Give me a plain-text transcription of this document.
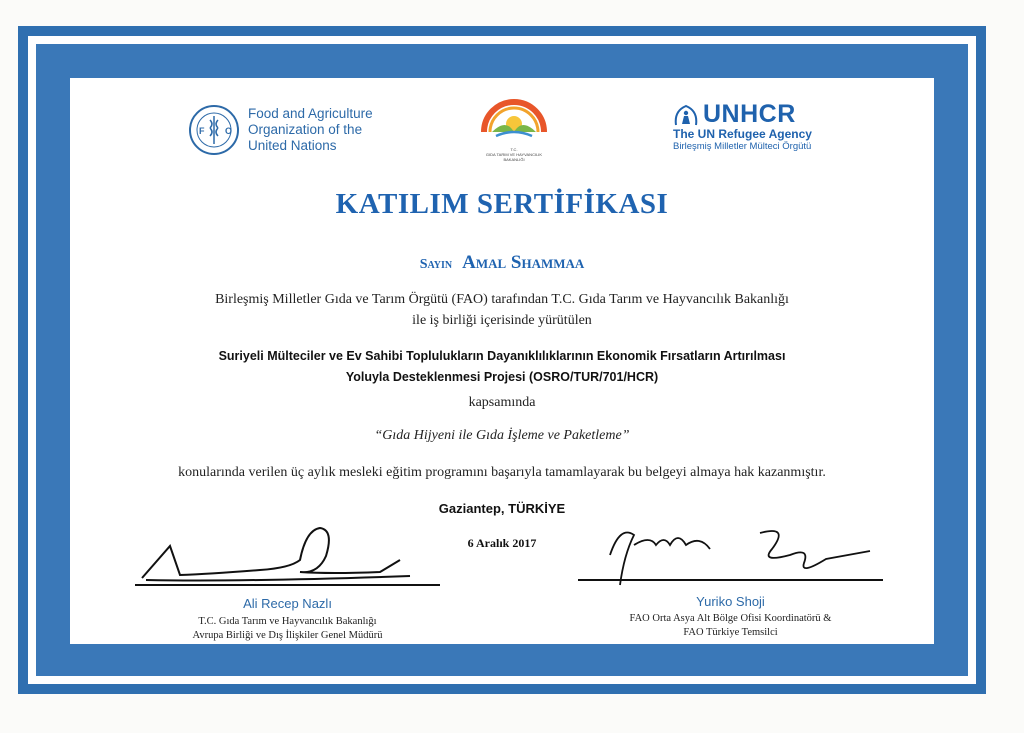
F O
Food and Agriculture
Organization of the
United Nations	T.C.
GIDA TARIM VE HAYVANCILIK
BAKANLIĞI
UNHCR
The UN Refugee Agency
Birleşmiş Milletler Mülteci Örgütü
KATILIM SERTİFİKASI
Sayın Amal Shammaa
Birleşmiş Milletler Gıda ve Tarım Örgütü (FAO) tarafından T.C. Gıda Tarım ve Hayvancılık Bakanlığı
ile iş birliği içerisinde yürütülen
Suriyeli Mülteciler ve Ev Sahibi Toplulukların Dayanıklılıklarının Ekonomik Fırsatların Artırılması
Yoluyla Desteklenmesi Projesi (OSRO/TUR/701/HCR)
kapsamında
“Gıda Hijyeni ile Gıda İşleme ve Paketleme”
konularında verilen üç aylık mesleki eğitim programını başarıyla tamamlayarak bu belgeyi almaya hak kazanmıştır.
Gaziantep, TÜRKİYE
6 Aralık 2017
Ali Recep Nazlı
T.C. Gıda Tarım ve Hayvancılık Bakanlığı
Avrupa Birliği ve Dış İlişkiler Genel Müdürü
Yuriko Shoji
FAO Orta Asya Alt Bölge Ofisi Koordinatörü &
FAO Türkiye Temsilci
